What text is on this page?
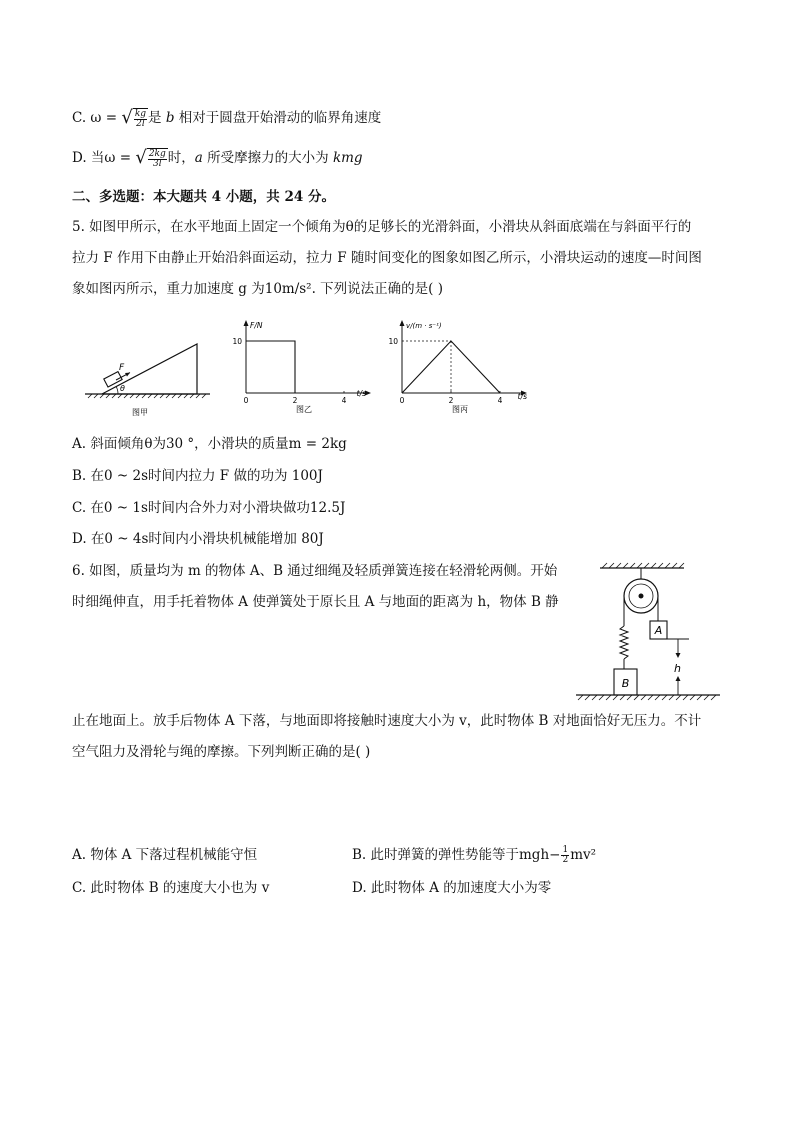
C. ω = √ $\frac{kg}{2l}$ 是 b 相对于圆盘开始滑动的临界角速度
D. 当ω = √ $\frac{2kg}{3l}$ 时，a 所受摩擦力的大小为 kmg
二、多选题：本大题共 4 小题，共 24 分。
5. 如图甲所示，在水平地面上固定一个倾角为θ的足够长的光滑斜面，小滑块从斜面底端在与斜面平行的
拉力 F 作用下由静止开始沿斜面运动，拉力 F 随时间变化的图象如图乙所示，小滑块运动的速度—时间图
象如图丙所示，重力加速度 g 为10m/s². 下列说法正确的是( )
F
θ
图甲
F/N
t/s
0	2	4
10
图乙
v/(m · s⁻¹)
t/s
0	2	4
10
图丙
A. 斜面倾角θ为30 °，小滑块的质量m = 2kg
B. 在0 ~ 2s时间内拉力 F 做的功为 100J
C. 在0 ~ 1s时间内合外力对小滑块做功12.5J
D. 在0 ~ 4s时间内小滑块机械能增加 80J
6. 如图，质量均为 m 的物体 A、B 通过细绳及轻质弹簧连接在轻滑轮两侧。开始
时细绳伸直，用手托着物体 A 使弹簧处于原长且 A 与地面的距离为 h，物体 B 静
A
h
B
止在地面上。放手后物体 A 下落，与地面即将接触时速度大小为 v，此时物体 B 对地面恰好无压力。不计
空气阻力及滑轮与绳的摩擦。下列判断正确的是( )
A. 物体 A 下落过程机械能守恒	B. 此时弹簧的弹性势能等于$mgh- \frac{1}{2} mv^2$
C. 此时物体 B 的速度大小也为 v	D. 此时物体 A 的加速度大小为零
